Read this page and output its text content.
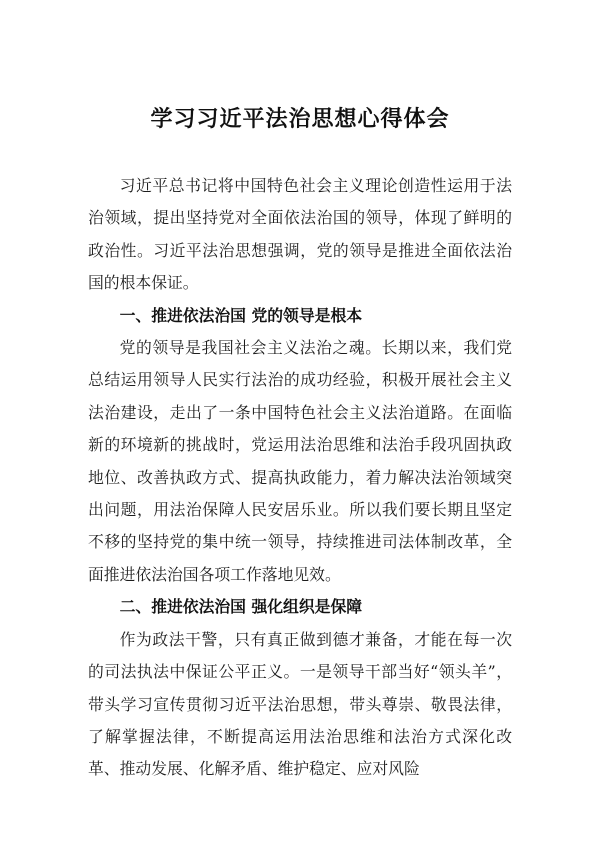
学习习近平法治思想心得体会

习近平总书记将中国特色社会主义理论创造性运用于法治领域，提出坚持党对全面依法治国的领导，体现了鲜明的政治性。习近平法治思想强调，党的领导是推进全面依法治国的根本保证。

一、推进依法治国 党的领导是根本

党的领导是我国社会主义法治之魂。长期以来，我们党总结运用领导人民实行法治的成功经验，积极开展社会主义法治建设，走出了一条中国特色社会主义法治道路。在面临新的环境新的挑战时，党运用法治思维和法治手段巩固执政地位、改善执政方式、提高执政能力，着力解决法治领域突出问题，用法治保障人民安居乐业。所以我们要长期且坚定不移的坚持党的集中统一领导，持续推进司法体制改革，全面推进依法治国各项工作落地见效。

二、推进依法治国 强化组织是保障

作为政法干警，只有真正做到德才兼备，才能在每一次的司法执法中保证公平正义。一是领导干部当好“领头羊”，带头学习宣传贯彻习近平法治思想，带头尊崇、敬畏法律，了解掌握法律，不断提高运用法治思维和法治方式深化改革、推动发展、化解矛盾、维护稳定、应对风险
